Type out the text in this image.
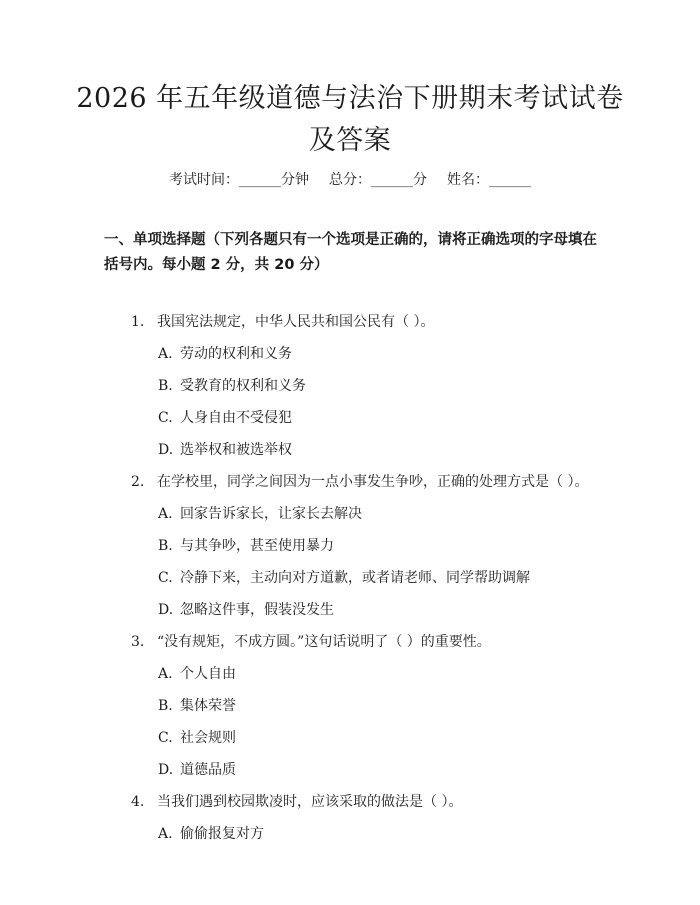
2026 年五年级道德与法治下册期末考试试卷
及答案
考试时间：______分钟 总分：______分 姓名：______
一、单项选择题（下列各题只有一个选项是正确的，请将正确选项的字母填在括号内。每小题 2 分，共 20 分）
1. 我国宪法规定，中华人民共和国公民有（ ）。
A. 劳动的权利和义务
B. 受教育的权利和义务
C. 人身自由不受侵犯
D. 选举权和被选举权
2. 在学校里，同学之间因为一点小事发生争吵，正确的处理方式是（ ）。
A. 回家告诉家长，让家长去解决
B. 与其争吵，甚至使用暴力
C. 冷静下来，主动向对方道歉，或者请老师、同学帮助调解
D. 忽略这件事，假装没发生
3. “没有规矩，不成方圆。”这句话说明了（ ）的重要性。
A. 个人自由
B. 集体荣誉
C. 社会规则
D. 道德品质
4. 当我们遇到校园欺凌时，应该采取的做法是（ ）。
A. 偷偷报复对方
